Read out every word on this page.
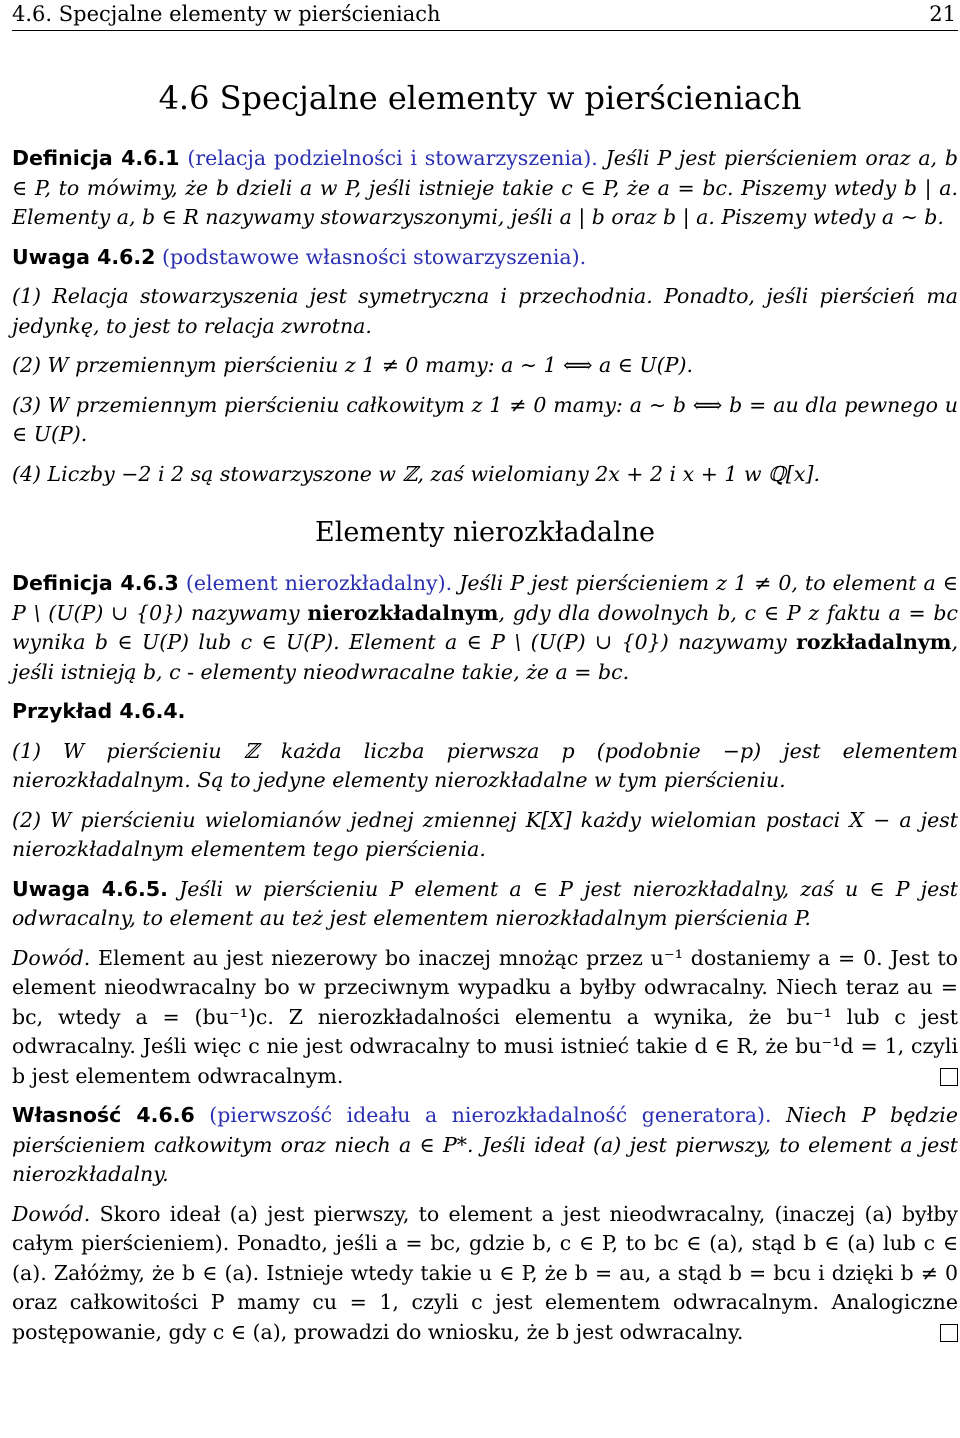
4.6. Specjalne elementy w pierścieniach	21
4.6 Specjalne elementy w pierścieniach

Definicja 4.6.1 (relacja podzielności i stowarzyszenia). Jeśli P jest pierścieniem oraz a, b ∈ P, to mówimy, że b dzieli a w P, jeśli istnieje takie c ∈ P, że a = bc. Piszemy wtedy b | a. Elementy a, b ∈ R nazywamy stowarzyszonymi, jeśli a | b oraz b | a. Piszemy wtedy a ∼ b.

Uwaga 4.6.2 (podstawowe własności stowarzyszenia).

(1) Relacja stowarzyszenia jest symetryczna i przechodnia. Ponadto, jeśli pierścień ma jedynkę, to jest to relacja zwrotna.

(2) W przemiennym pierścieniu z 1 ≠ 0 mamy: a ∼ 1 ⟺ a ∈ U(P).

(3) W przemiennym pierścieniu całkowitym z 1 ≠ 0 mamy: a ∼ b ⟺ b = au dla pewnego u ∈ U(P).

(4) Liczby −2 i 2 są stowarzyszone w ℤ, zaś wielomiany 2x + 2 i x + 1 w ℚ[x].

Elementy nierozkładalne

Definicja 4.6.3 (element nierozkładalny). Jeśli P jest pierścieniem z 1 ≠ 0, to element a ∈ P \ (U(P) ∪ {0}) nazywamy nierozkładalnym, gdy dla dowolnych b, c ∈ P z faktu a = bc wynika b ∈ U(P) lub c ∈ U(P). Element a ∈ P \ (U(P) ∪ {0}) nazywamy rozkładalnym, jeśli istnieją b, c - elementy nieodwracalne takie, że a = bc.

Przykład 4.6.4.

(1) W pierścieniu ℤ każda liczba pierwsza p (podobnie −p) jest elementem nierozkładalnym. Są to jedyne elementy nierozkładalne w tym pierścieniu.

(2) W pierścieniu wielomianów jednej zmiennej K[X] każdy wielomian postaci X − a jest nierozkładalnym elementem tego pierścienia.

Uwaga 4.6.5. Jeśli w pierścieniu P element a ∈ P jest nierozkładalny, zaś u ∈ P jest odwracalny, to element au też jest elementem nierozkładalnym pierścienia P.

Dowód. Element au jest niezerowy bo inaczej mnożąc przez u⁻¹ dostaniemy a = 0. Jest to element nieodwracalny bo w przeciwnym wypadku a byłby odwracalny. Niech teraz au = bc, wtedy a = (bu⁻¹)c. Z nierozkładalności elementu a wynika, że bu⁻¹ lub c jest odwracalny. Jeśli więc c nie jest odwracalny to musi istnieć takie d ∈ R, że bu⁻¹d = 1, czyli b jest elementem odwracalnym.

Własność 4.6.6 (pierwszość ideału a nierozkładalność generatora). Niech P będzie pierścieniem całkowitym oraz niech a ∈ P*. Jeśli ideał (a) jest pierwszy, to element a jest nierozkładalny.

Dowód. Skoro ideał (a) jest pierwszy, to element a jest nieodwracalny, (inaczej (a) byłby całym pierścieniem). Ponadto, jeśli a = bc, gdzie b, c ∈ P, to bc ∈ (a), stąd b ∈ (a) lub c ∈ (a). Załóżmy, że b ∈ (a). Istnieje wtedy takie u ∈ P, że b = au, a stąd b = bcu i dzięki b ≠ 0 oraz całkowitości P mamy cu = 1, czyli c jest elementem odwracalnym. Analogiczne postępowanie, gdy c ∈ (a), prowadzi do wniosku, że b jest odwracalny.
